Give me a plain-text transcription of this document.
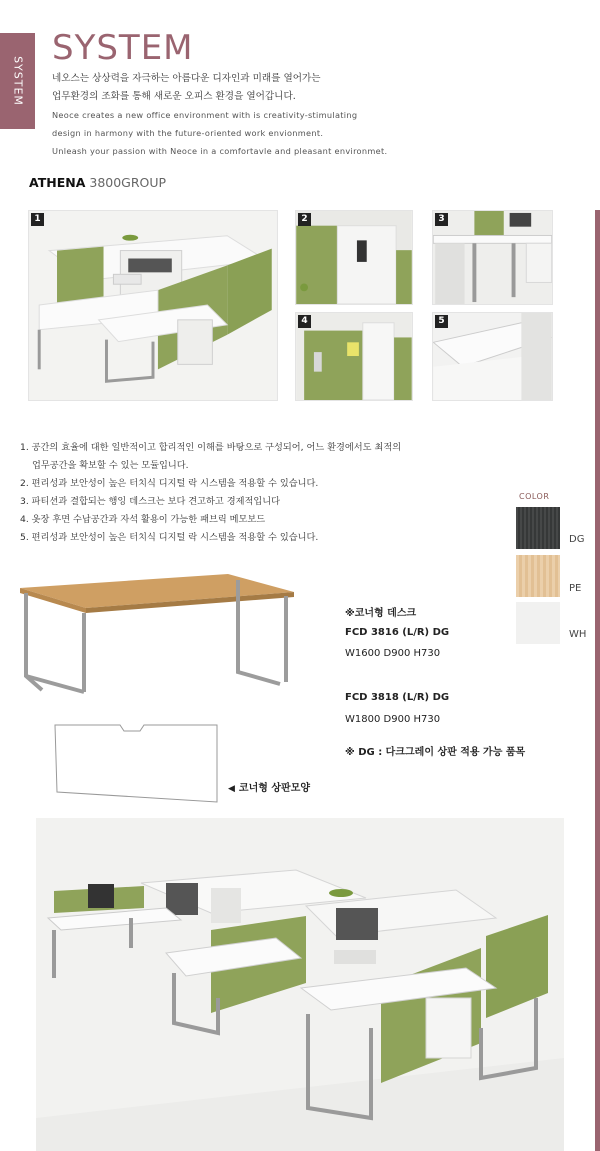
SYSTEM
SYSTEM
네오스는 상상력을 자극하는 아름다운 디자인과 미래를 열어가는
업무환경의 조화를 통해 새로운 오피스 환경을 열어갑니다.
Neoce creates a new office environment with is creativity-stimulating
design in harmony with the future-oriented work envionment.
Unleash your passion with Neoce in a comfortavle and pleasant environmet.
ATHENA 3800GROUP
1	2	3
4	5
1. 공간의 효율에 대한 일반적이고 합리적인 이해를 바탕으로 구성되어, 어느 환경에서도 최적의
업무공간을 확보할 수 있는 모듈입니다.
2. 편리성과 보안성이 높은 터치식 디지털 락 시스템을 적용할 수 있습니다.
3. 파티션과 결합되는 행잉 데스크는 보다 견고하고 경제적입니다
4. 옷장 후면 수납공간과 자석 활용이 가능한 패브릭 메모보드
5. 편리성과 보안성이 높은 터치식 디지털 락 시스템을 적용할 수 있습니다.
COLOR
DG
PE
WH
◀ 코너형 상판모양
※코너형 데스크
FCD 3816 (L/R) DG
W1600 D900 H730
FCD 3818 (L/R) DG
W1800 D900 H730
※ DG : 다크그레이 상판 적용 가능 품목
